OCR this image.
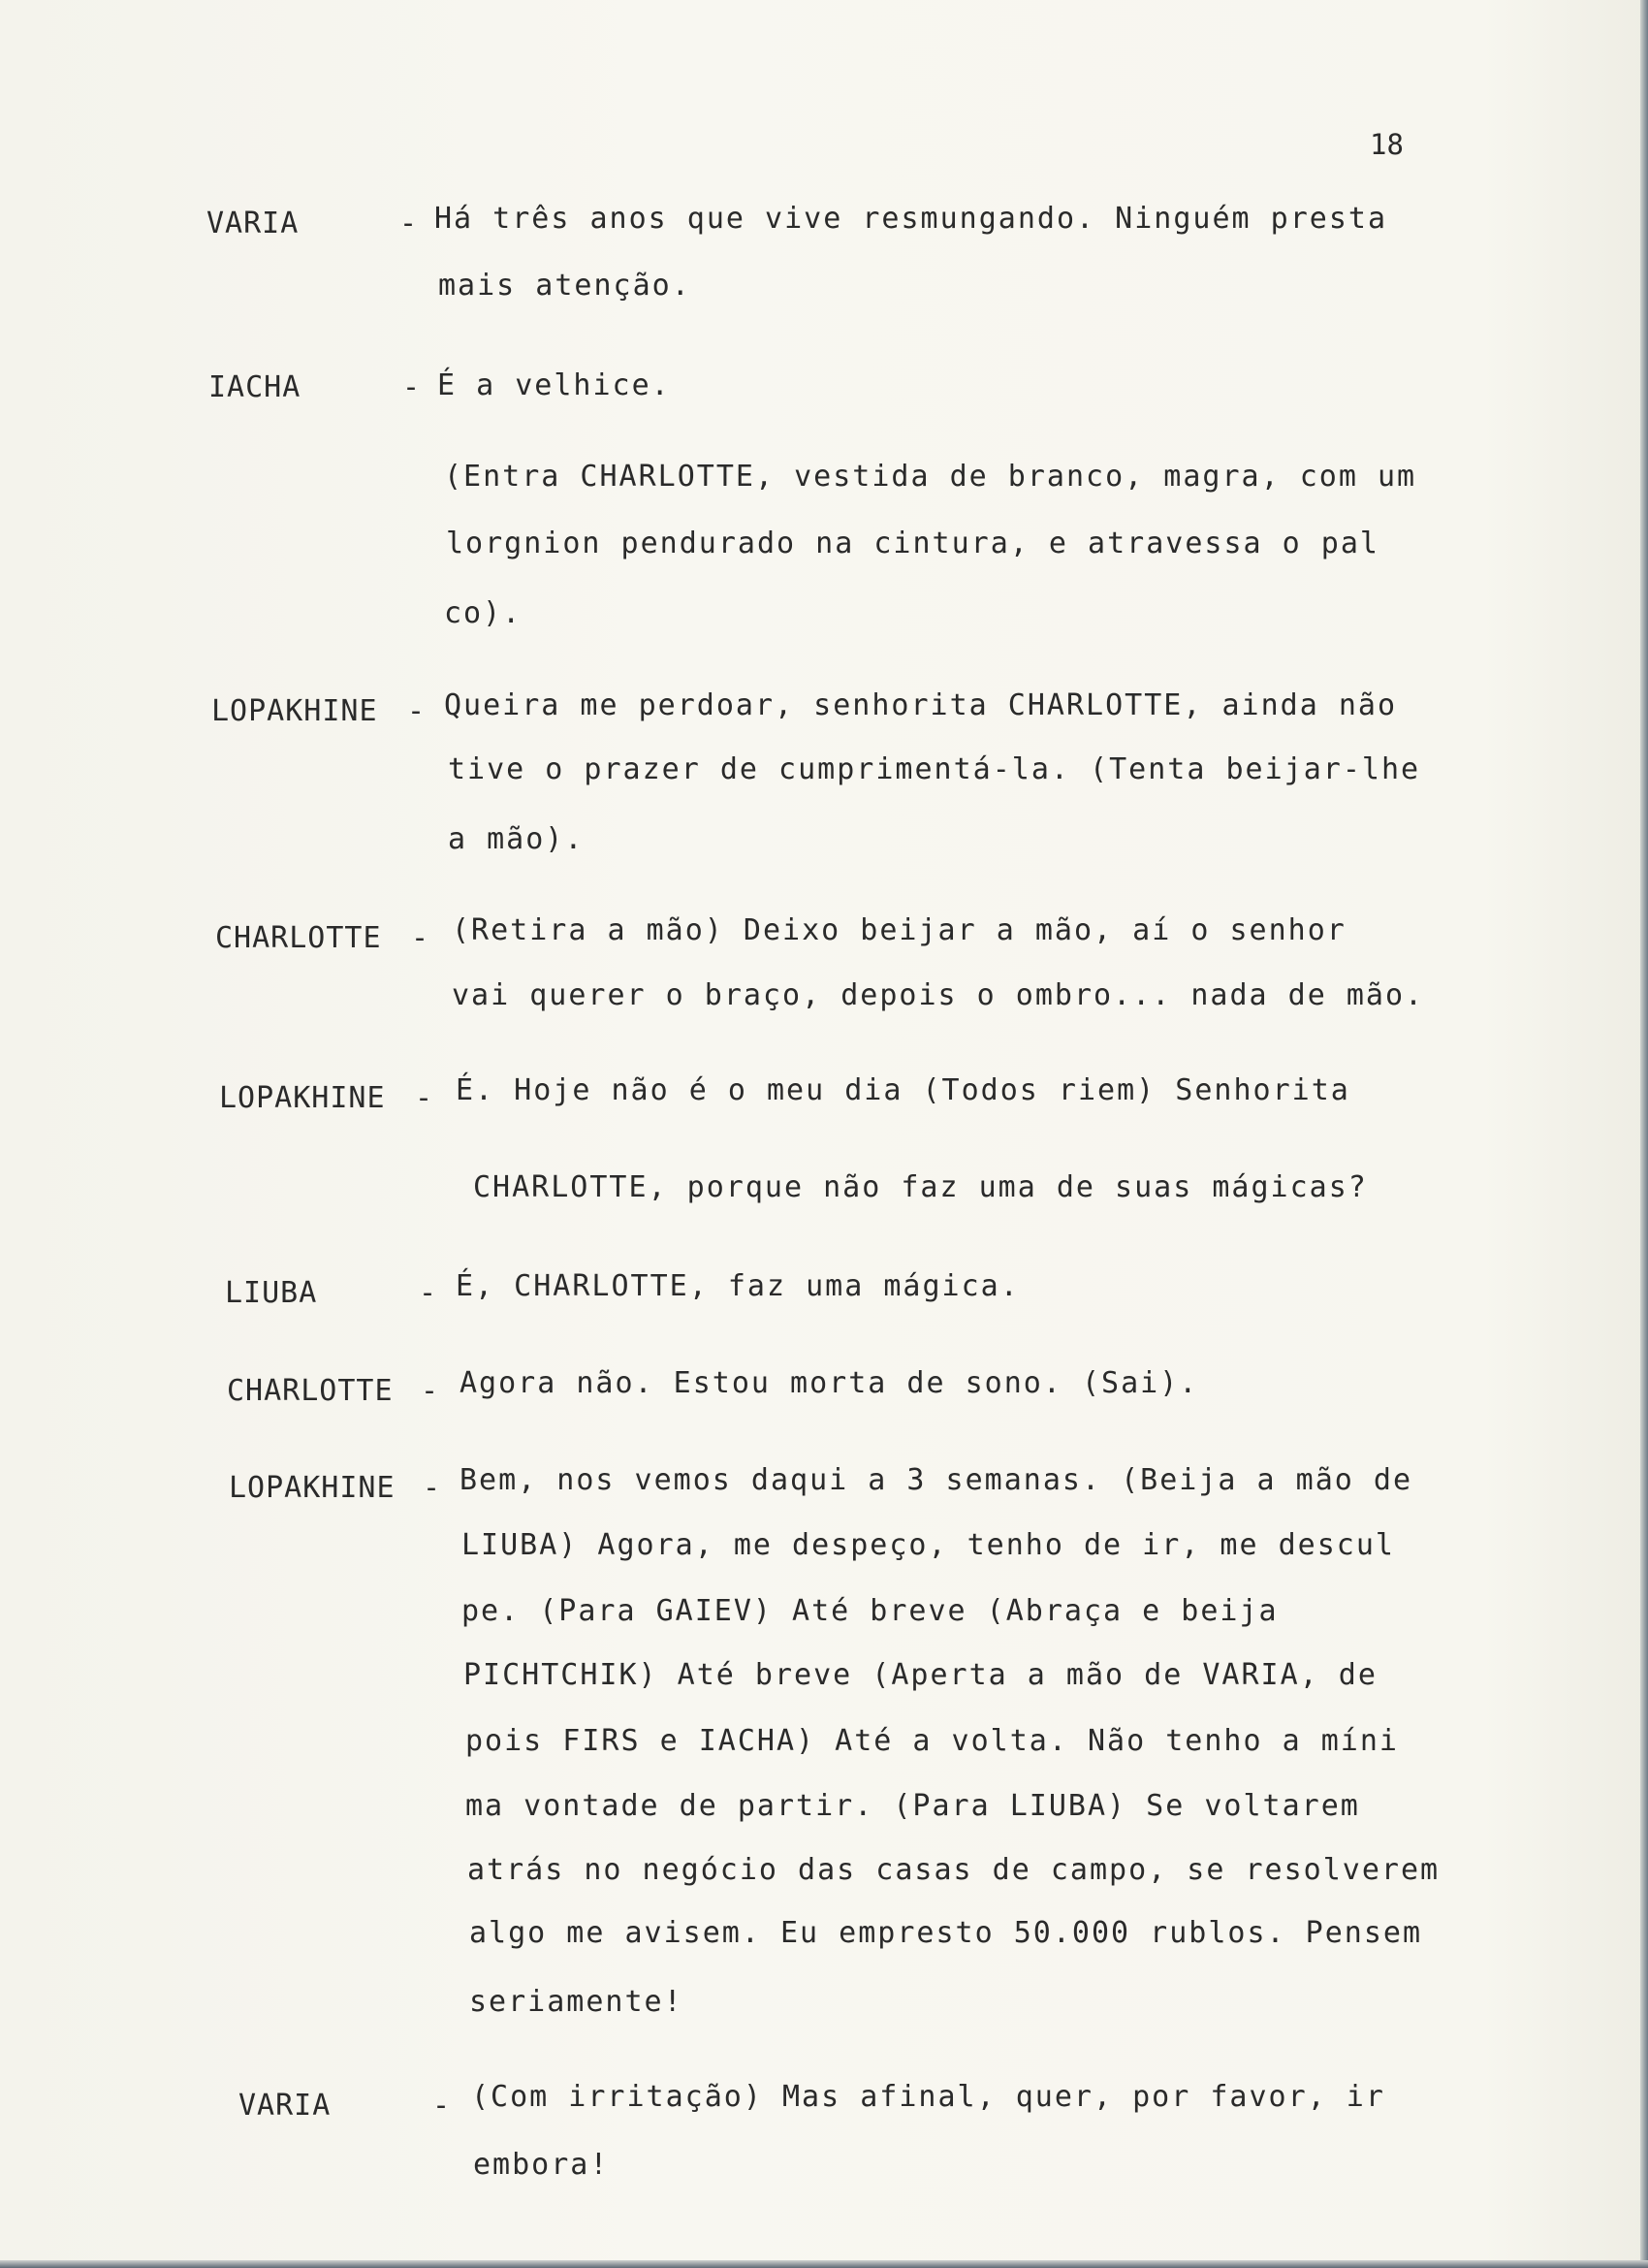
18
VARIA	- Há três anos que vive resmungando. Ninguém presta
mais atenção.
IACHA	- É a velhice.
(Entra CHARLOTTE, vestida de branco, magra, com um
lorgnion pendurado na cintura, e atravessa o pal
co).
LOPAKHINE - Queira me perdoar, senhorita CHARLOTTE, ainda não
tive o prazer de cumprimentá-la. (Tenta beijar-lhe
a mão).
CHARLOTTE - (Retira a mão) Deixo beijar a mão, aí o senhor
vai querer o braço, depois o ombro... nada de mão.
LOPAKHINE - É. Hoje não é o meu dia (Todos riem) Senhorita
CHARLOTTE, porque não faz uma de suas mágicas?
LIUBA	- É, CHARLOTTE, faz uma mágica.
CHARLOTTE - Agora não. Estou morta de sono. (Sai).
LOPAKHINE - Bem, nos vemos daqui a 3 semanas. (Beija a mão de
LIUBA) Agora, me despeço, tenho de ir, me descul
pe. (Para GAIEV) Até breve (Abraça e beija
PICHTCHIK) Até breve (Aperta a mão de VARIA, de
pois FIRS e IACHA) Até a volta. Não tenho a míni
ma vontade de partir. (Para LIUBA) Se voltarem
atrás no negócio das casas de campo, se resolverem
algo me avisem. Eu empresto 50.000 rublos. Pensem
seriamente!
VARIA	- (Com irritação) Mas afinal, quer, por favor, ir
embora!
